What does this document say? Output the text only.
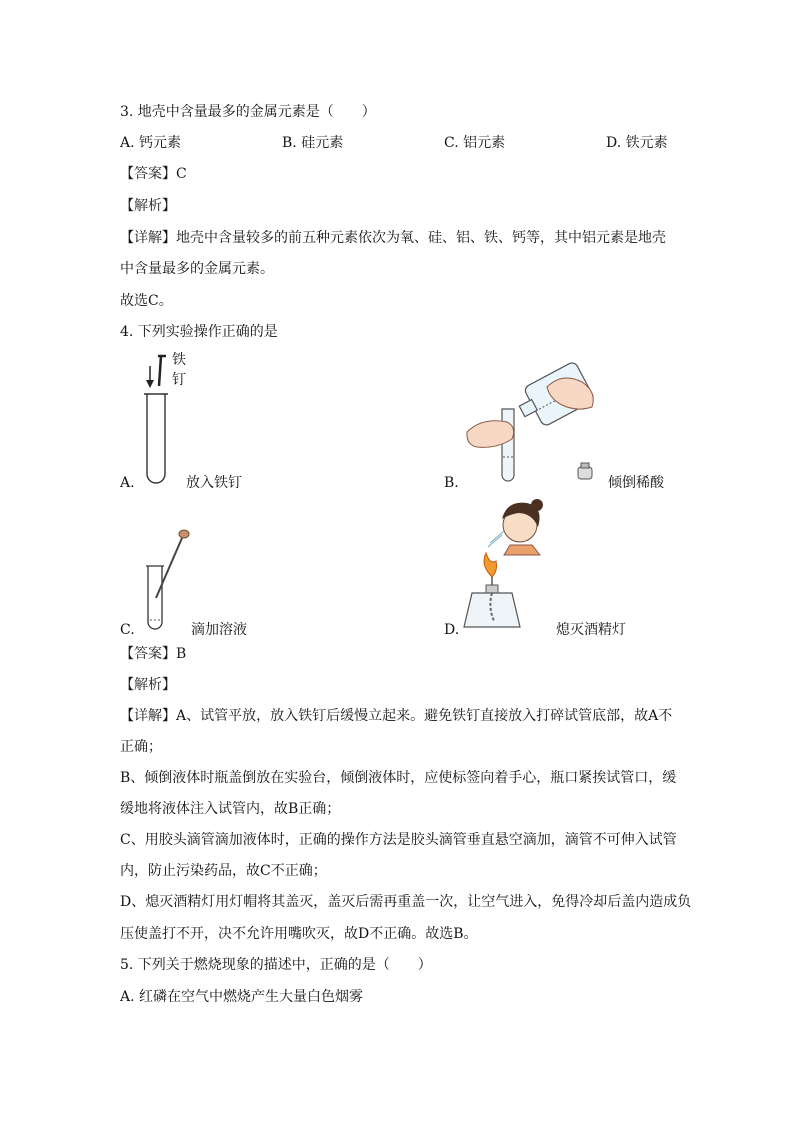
3. 地壳中含量最多的金属元素是（　　）
A. 钙元素	B. 硅元素	C. 铝元素	D. 铁元素
【答案】C
【解析】
【详解】地壳中含量较多的前五种元素依次为氧、硅、铝、铁、钙等，其中铝元素是地壳
中含量最多的金属元素。
故选C。
4. 下列实验操作正确的是
铁
钉
A.	放入铁钉	B.	倾倒稀酸
C.	滴加溶液	D.	熄灭酒精灯
【答案】B
【解析】
【详解】A、试管平放，放入铁钉后缓慢立起来。避免铁钉直接放入打碎试管底部，故A不
正确；
B、倾倒液体时瓶盖倒放在实验台，倾倒液体时，应使标签向着手心，瓶口紧挨试管口，缓
缓地将液体注入试管内，故B正确；
C、用胶头滴管滴加液体时，正确的操作方法是胶头滴管垂直悬空滴加，滴管不可伸入试管
内，防止污染药品，故C不正确；
D、熄灭酒精灯用灯帽将其盖灭，盖灭后需再重盖一次，让空气进入，免得冷却后盖内造成负
压使盖打不开，决不允许用嘴吹灭，故D不正确。故选B。
5. 下列关于燃烧现象的描述中，正确的是（　　）
A. 红磷在空气中燃烧产生大量白色烟雾
